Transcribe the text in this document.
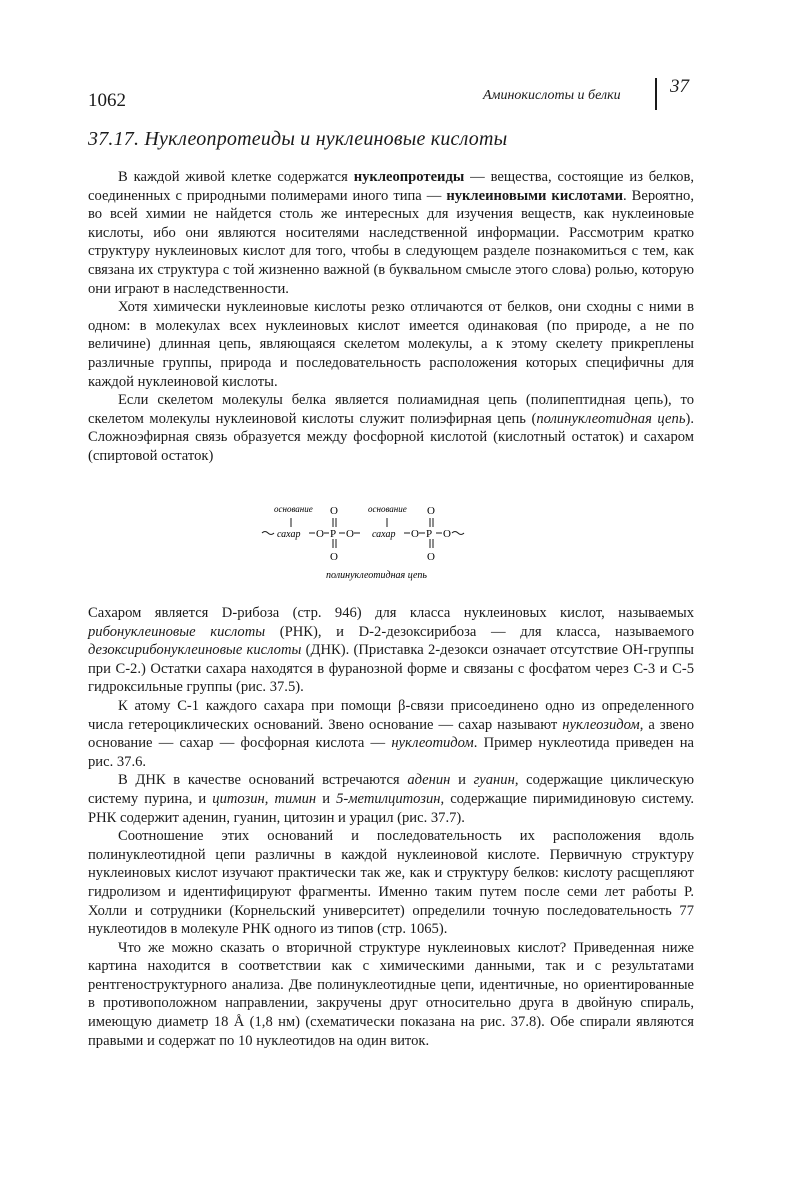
1062	Аминокислоты и белки	37
37.17. Нуклеопротеиды и нуклеиновые кислоты

В каждой живой клетке содержатся нуклеопротеиды — вещества, состоящие из белков, соединенных с природными полимерами иного типа — нуклеиновыми кислотами. Вероятно, во всей химии не найдется столь же интересных для изучения веществ, как нуклеиновые кислоты, ибо они являются носителями наследственной информации. Рассмотрим кратко структуру нуклеиновых кислот для того, чтобы в следующем разделе познакомиться с тем, как связана их структура с той жизненно важной (в буквальном смысле этого слова) ролью, которую они играют в наследственности.

Хотя химически нуклеиновые кислоты резко отличаются от белков, они сходны с ними в одном: в молекулах всех нуклеиновых кислот имеется одинаковая (по природе, а не по величине) длинная цепь, являющаяся скелетом молекулы, а к этому скелету прикреплены различные группы, природа и последовательность расположения которых специфичны для каждой нуклеиновой кислоты.

Если скелетом молекулы белка является полиамидная цепь (полипептидная цепь), то скелетом молекулы нуклеиновой кислоты служит полиэфирная цепь (полинуклеотидная цепь). Сложноэфирная связь образуется между фосфорной кислотой (кислотный остаток) и сахаром (спиртовой остаток)

основание	основание
O	O
сахар O P O сахар O P O
O	O
полинуклеотидная цепь

Сахаром является D-рибоза (стр. 946) для класса нуклеиновых кислот, называемых рибонуклеиновые кислоты (РНК), и D-2-дезоксирибоза — для класса, называемого дезоксирибонуклеиновые кислоты (ДНК). (Приставка 2-дезокси означает отсутствие OH-группы при C-2.) Остатки сахара находятся в фуранозной форме и связаны с фосфатом через C-3 и C-5 гидроксильные группы (рис. 37.5).

К атому C-1 каждого сахара при помощи β-связи присоединено одно из определенного числа гетероциклических оснований. Звено основание — сахар называют нуклеозидом, а звено основание — сахар — фосфорная кислота — нуклеотидом. Пример нуклеотида приведен на рис. 37.6.

В ДНК в качестве оснований встречаются аденин и гуанин, содержащие циклическую систему пурина, и цитозин, тимин и 5-метилцитозин, содержащие пиримидиновую систему. РНК содержит аденин, гуанин, цитозин и урацил (рис. 37.7).

Соотношение этих оснований и последовательность их расположения вдоль полинуклеотидной цепи различны в каждой нуклеиновой кислоте. Первичную структуру нуклеиновых кислот изучают практически так же, как и структуру белков: кислоту расщепляют гидролизом и идентифицируют фрагменты. Именно таким путем после семи лет работы Р. Холли и сотрудники (Корнельский университет) определили точную последовательность 77 нуклеотидов в молекуле РНК одного из типов (стр. 1065).

Что же можно сказать о вторичной структуре нуклеиновых кислот? Приведенная ниже картина находится в соответствии как с химическими данными, так и с результатами рентгеноструктурного анализа. Две полинуклеотидные цепи, идентичные, но ориентированные в противоположном направлении, закручены друг относительно друга в двойную спираль, имеющую диаметр 18 Å (1,8 нм) (схематически показана на рис. 37.8). Обе спирали являются правыми и содержат по 10 нуклеотидов на один виток.
